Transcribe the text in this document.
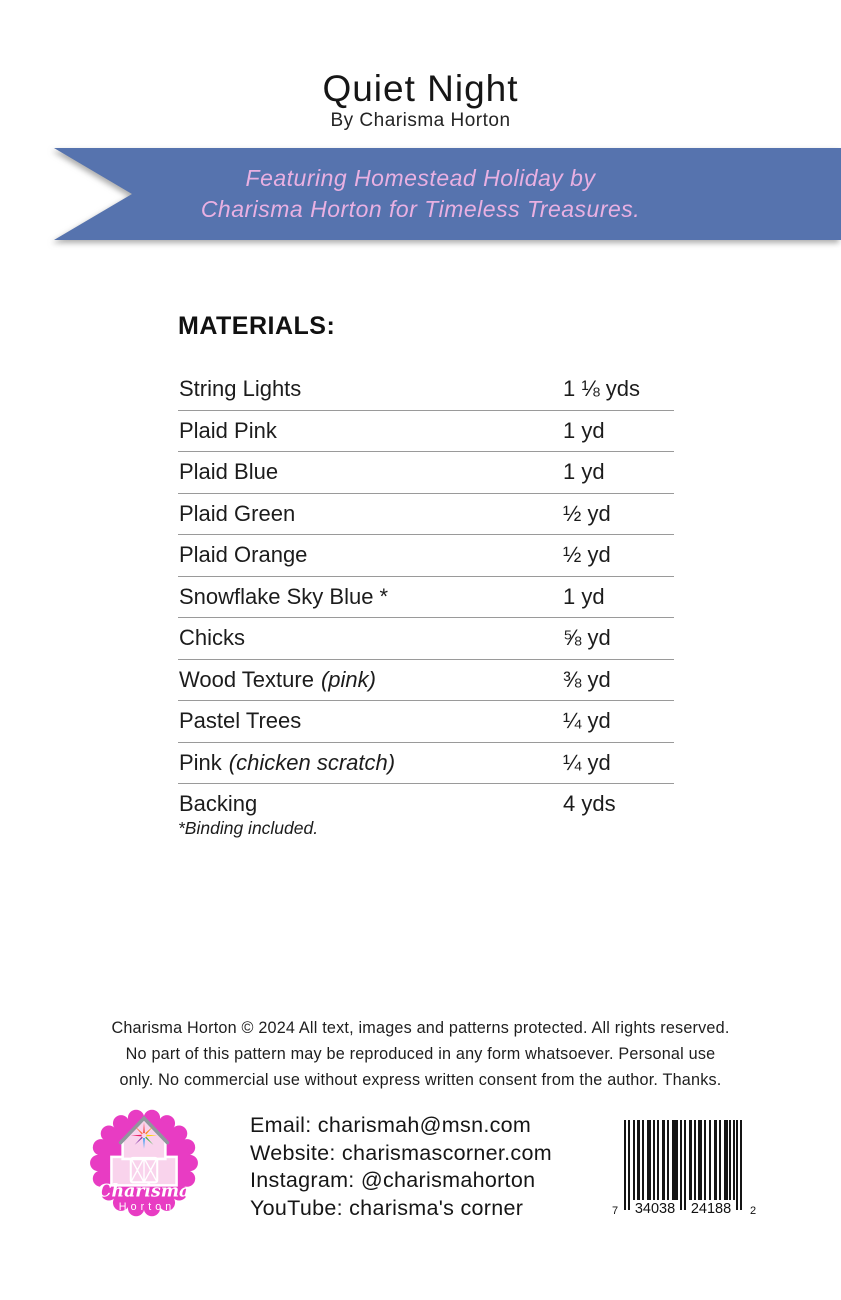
Quiet Night
By Charisma Horton
Featuring Homestead Holiday by
Charisma Horton for Timeless Treasures.
MATERIALS:
String Lights	1 ⅛ yds
Plaid Pink	1 yd
Plaid Blue	1 yd
Plaid Green	½ yd
Plaid Orange	½ yd
Snowflake Sky Blue *	1 yd
Chicks	⅝ yd
Wood Texture (pink)	⅜ yd
Pastel Trees	¼ yd
Pink (chicken scratch)	¼ yd
Backing	4 yds
*Binding included.
Charisma Horton © 2024 All text, images and patterns protected. All rights reserved.
No part of this pattern may be reproduced in any form whatsoever. Personal use
only. No commercial use without express written consent from the author. Thanks.
Charisma
Horton
Email: charismah@msn.com
Website: charismascorner.com
Instagram: @charismahorton
YouTube: charisma's corner	7 34038 24188 2
